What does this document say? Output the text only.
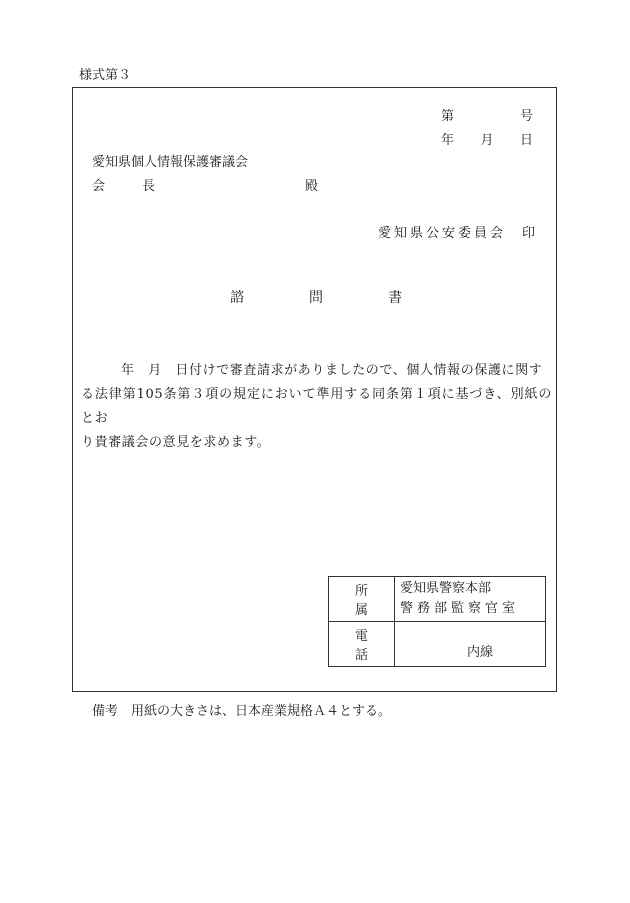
様式第３
第	号
年 月 日
愛知県個人情報保護審議会
会　長	殿
愛知県公安委員会　印
諮	問	書
年　月　日付けで審査請求がありましたので、個人情報の保護に関す
る法律第105条第３項の規定において準用する同条第１項に基づき、別紙のとお
り貴審議会の意見を求めます。
所属	愛知県警察本部
警務部監察官室

電話	内線
備考　用紙の大きさは、日本産業規格Ａ４とする。
